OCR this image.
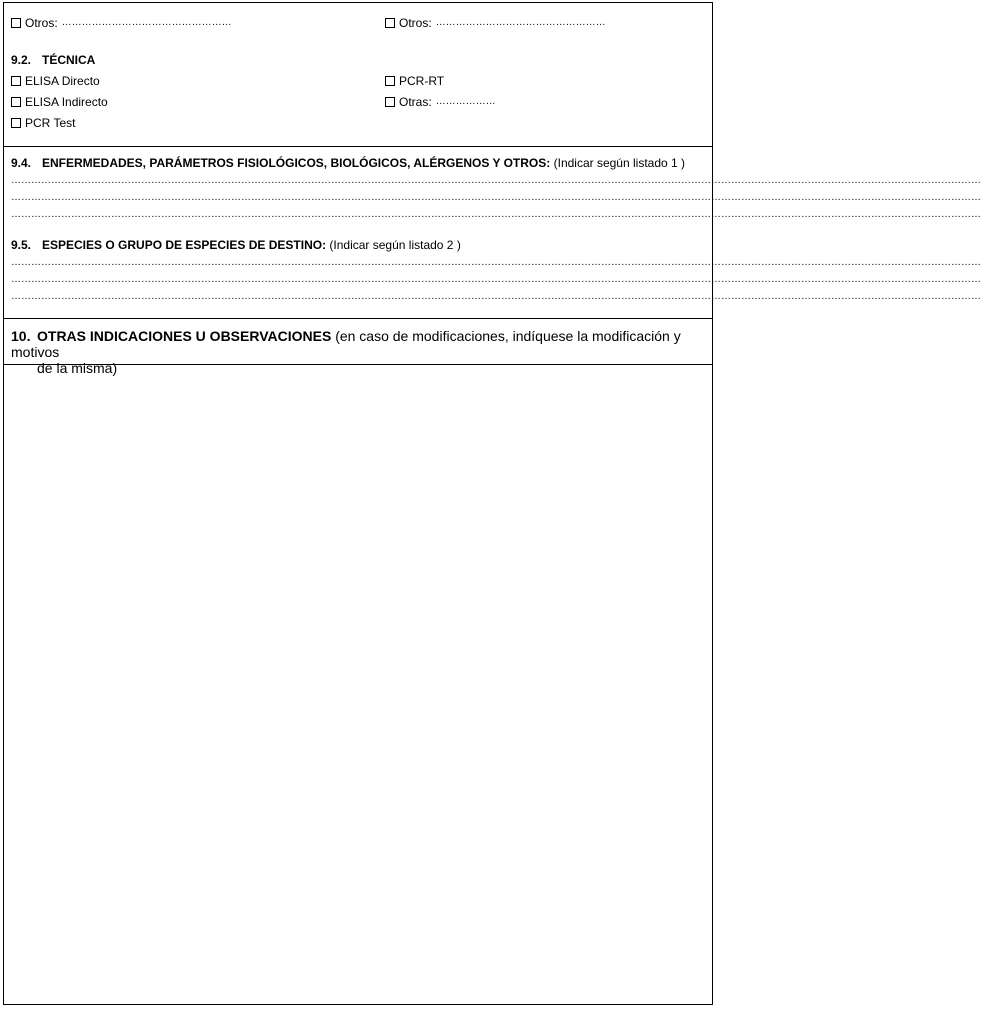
Otros: ……………………………………………	Otros: ……………………………………………
9.2. TÉCNICA
ELISA Directo
ELISA Indirecto
PCR Test
PCR-RT
Otras: ………………
9.4. ENFERMEDADES, PARÁMETROS FISIOLÓGICOS, BIOLÓGICOS, ALÉRGENOS Y OTROS: (Indicar según listado 1 )
…………………………………………………………………………………………………………………………………………………………………………………………………………………………………………………………………
…………………………………………………………………………………………………………………………………………………………………………………………………………………………………………………………………
…………………………………………………………………………………………………………………………………………………………………………………………………………………………………………………………………
9.5. ESPECIES O GRUPO DE ESPECIES DE DESTINO: (Indicar según listado 2 )
…………………………………………………………………………………………………………………………………………………………………………………………………………………………………………………………………
…………………………………………………………………………………………………………………………………………………………………………………………………………………………………………………………………
…………………………………………………………………………………………………………………………………………………………………………………………………………………………………………………………………
10. OTRAS INDICACIONES U OBSERVACIONES (en caso de modificaciones, indíquese la modificación y motivos
de la misma)
